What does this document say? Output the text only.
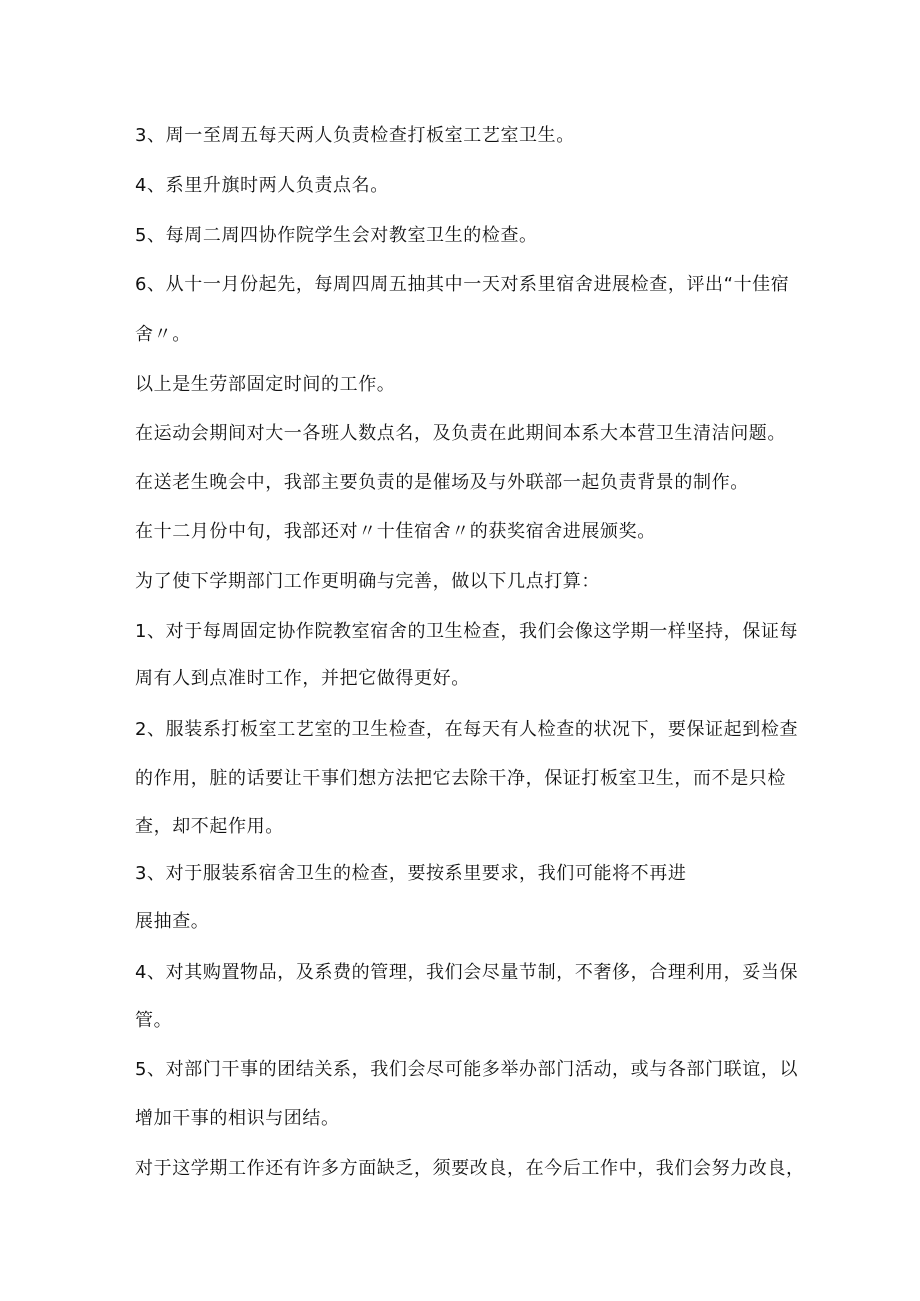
3、周一至周五每天两人负责检查打板室工艺室卫生。
4、系里升旗时两人负责点名。
5、每周二周四协作院学生会对教室卫生的检查。
6、从十一月份起先，每周四周五抽其中一天对系里宿舍进展检查，评出“十佳宿
舍〃。
以上是生劳部固定时间的工作。
在运动会期间对大一各班人数点名，及负责在此期间本系大本营卫生清洁问题。
在送老生晚会中，我部主要负责的是催场及与外联部一起负责背景的制作。
在十二月份中旬，我部还对〃十佳宿舍〃的获奖宿舍进展颁奖。
为了使下学期部门工作更明确与完善，做以下几点打算：
1、对于每周固定协作院教室宿舍的卫生检查，我们会像这学期一样坚持，保证每
周有人到点准时工作，并把它做得更好。
2、服装系打板室工艺室的卫生检查，在每天有人检查的状况下，要保证起到检查
的作用，脏的话要让干事们想方法把它去除干净，保证打板室卫生，而不是只检
查，却不起作用。
3、对于服装系宿舍卫生的检查，要按系里要求，我们可能将不再进
展抽查。
4、对其购置物品，及系费的管理，我们会尽量节制，不奢侈，合理利用，妥当保
管。
5、对部门干事的团结关系，我们会尽可能多举办部门活动，或与各部门联谊，以
增加干事的相识与团结。
对于这学期工作还有许多方面缺乏，须要改良，在今后工作中，我们会努力改良，
